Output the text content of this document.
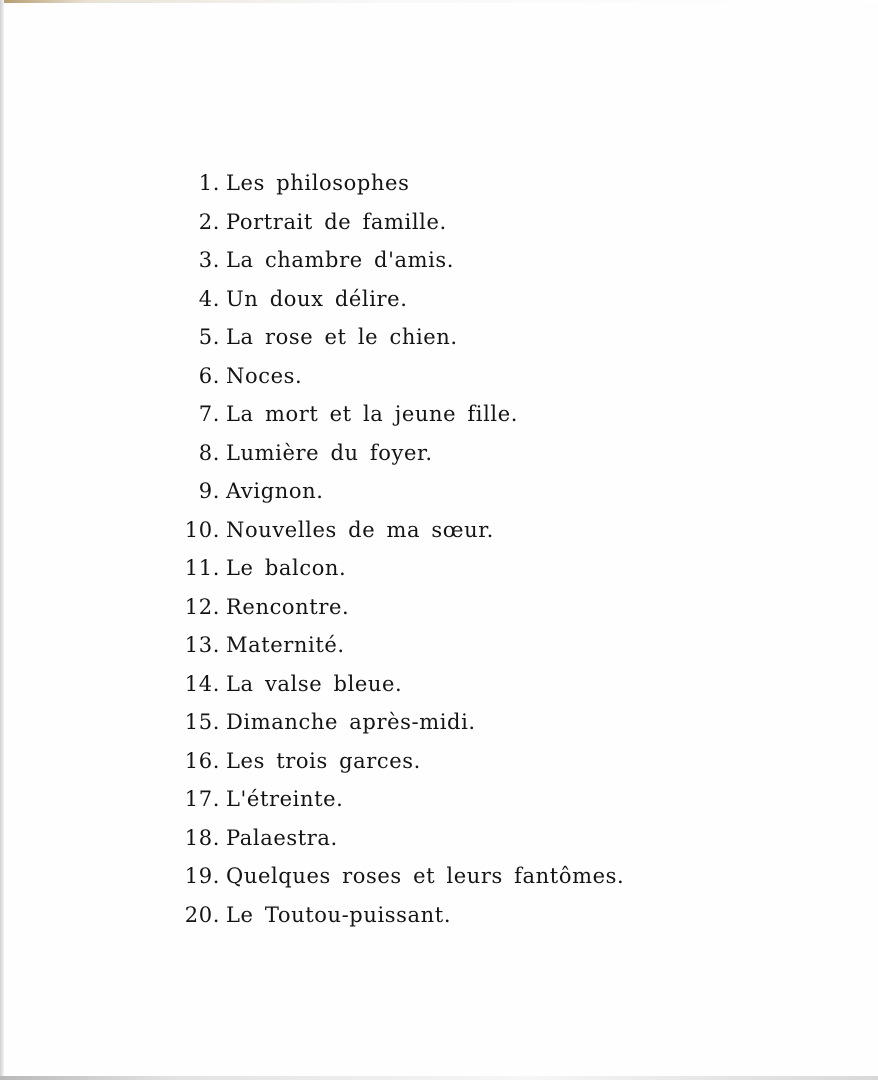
1. Les philosophes
2. Portrait de famille.
3. La chambre d'amis.
4. Un doux délire.
5. La rose et le chien.
6. Noces.
7. La mort et la jeune fille.
8. Lumière du foyer.
9. Avignon.
10. Nouvelles de ma sœur.
11. Le balcon.
12. Rencontre.
13. Maternité.
14. La valse bleue.
15. Dimanche après-midi.
16. Les trois garces.
17. L'étreinte.
18. Palaestra.
19. Quelques roses et leurs fantômes.
20. Le Toutou-puissant.
